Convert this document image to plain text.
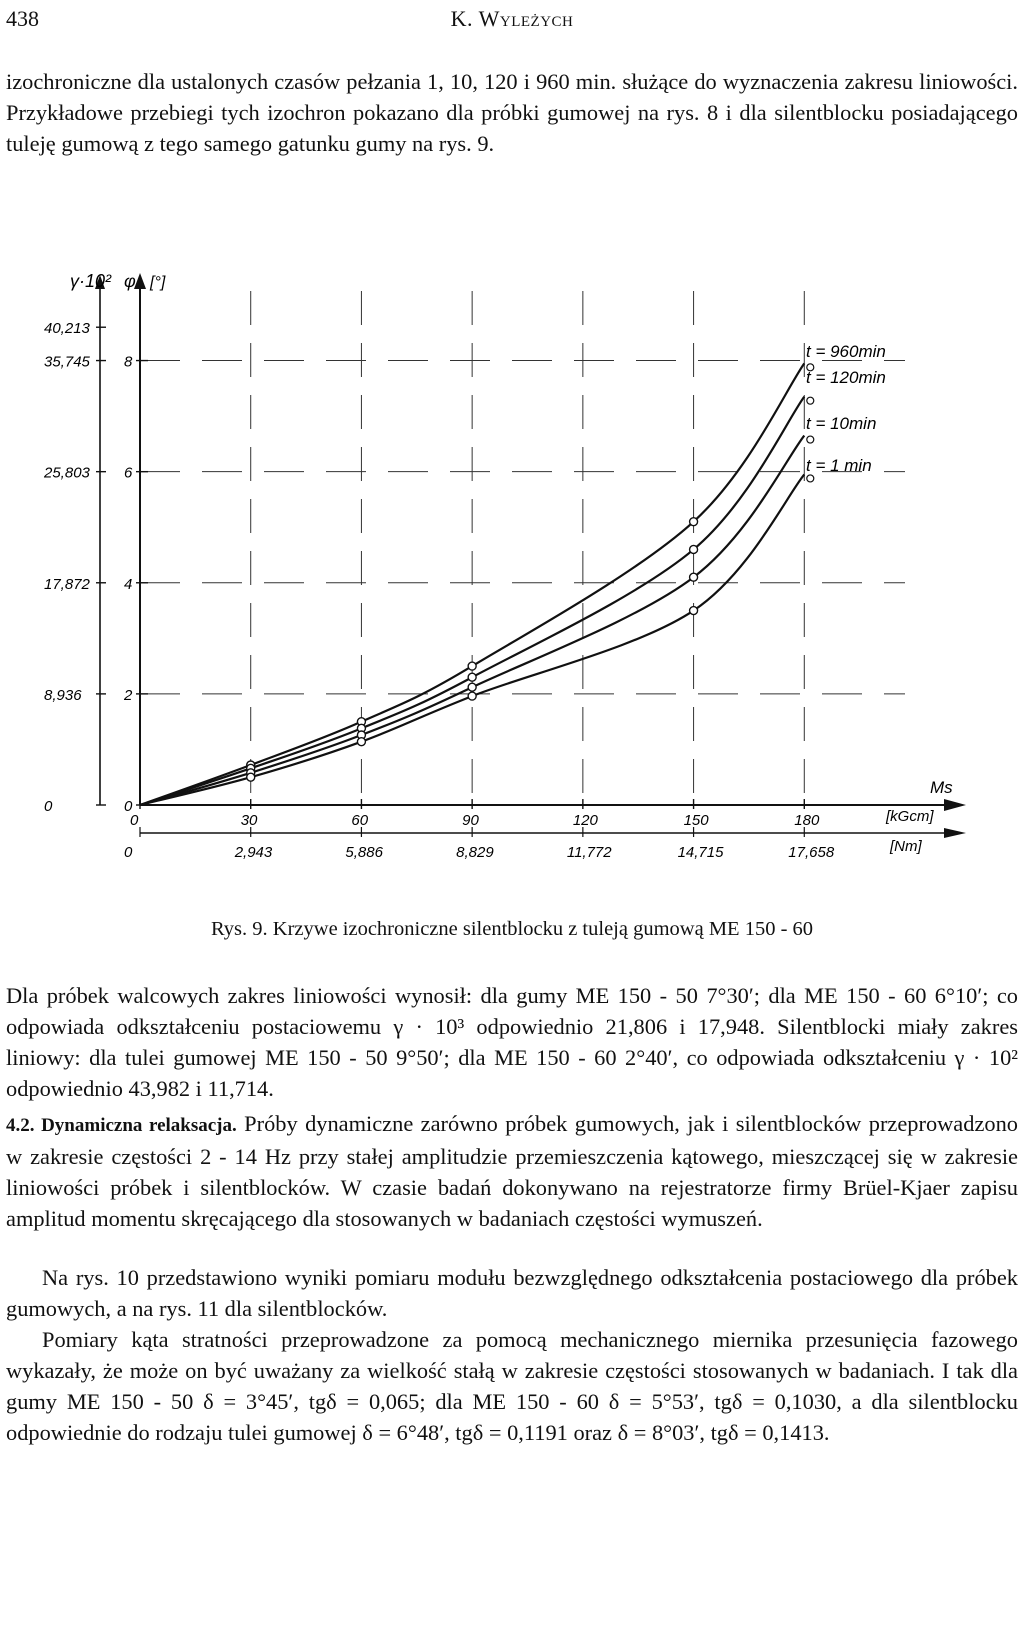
438	K. Wyleżych

izochroniczne dla ustalonych czasów pełzania 1, 10, 120 i 960 min. służące do wyznaczenia zakresu liniowości. Przykładowe przebiegi tych izochron pokazano dla próbki gumowej na rys. 8 i dla silentblocku posiadającego tuleję gumową z tego samego gatunku gumy na rys. 9.

0
0
30
2,943
60
5,886
90
8,829
120
11,772
150
14,715
180
17,658
8
6
4
2
0
40,213
35,745
25,803
17,872
8,936
0
γ·10² φ [°]
Ms
[kGcm]
[Nm]
t = 960min
t = 120min
t = 10min
t = 1 min
Rys. 9. Krzywe izochroniczne silentblocku z tuleją gumową ME 150 - 60

Dla próbek walcowych zakres liniowości wynosił: dla gumy ME 150 - 50 7°30′; dla ME 150 - 60 6°10′; co odpowiada odkształceniu postaciowemu γ · 10³ odpowiednio 21,806 i 17,948. Silentblocki miały zakres liniowy: dla tulei gumowej ME 150 - 50 9°50′; dla ME 150 - 60 2°40′, co odpowiada odkształceniu γ · 10² odpowiednio 43,982 i 11,714.

4.2. Dynamiczna relaksacja. Próby dynamiczne zarówno próbek gumowych, jak i silentblocków przeprowadzono w zakresie częstości 2 - 14 Hz przy stałej amplitudzie przemieszczenia kątowego, mieszczącej się w zakresie liniowości próbek i silentblocków. W czasie badań dokonywano na rejestratorze firmy Brüel-Kjaer zapisu amplitud momentu skręcającego dla stosowanych w badaniach częstości wymuszeń.

Na rys. 10 przedstawiono wyniki pomiaru modułu bezwzględnego odkształcenia postaciowego dla próbek gumowych, a na rys. 11 dla silentblocków.

Pomiary kąta stratności przeprowadzone za pomocą mechanicznego miernika przesunięcia fazowego wykazały, że może on być uważany za wielkość stałą w zakresie częstości stosowanych w badaniach. I tak dla gumy ME 150 - 50 δ = 3°45′, tgδ = 0,065; dla ME 150 - 60 δ = 5°53′, tgδ = 0,1030, a dla silentblocku odpowiednie do rodzaju tulei gumowej δ = 6°48′, tgδ = 0,1191 oraz δ = 8°03′, tgδ = 0,1413.
